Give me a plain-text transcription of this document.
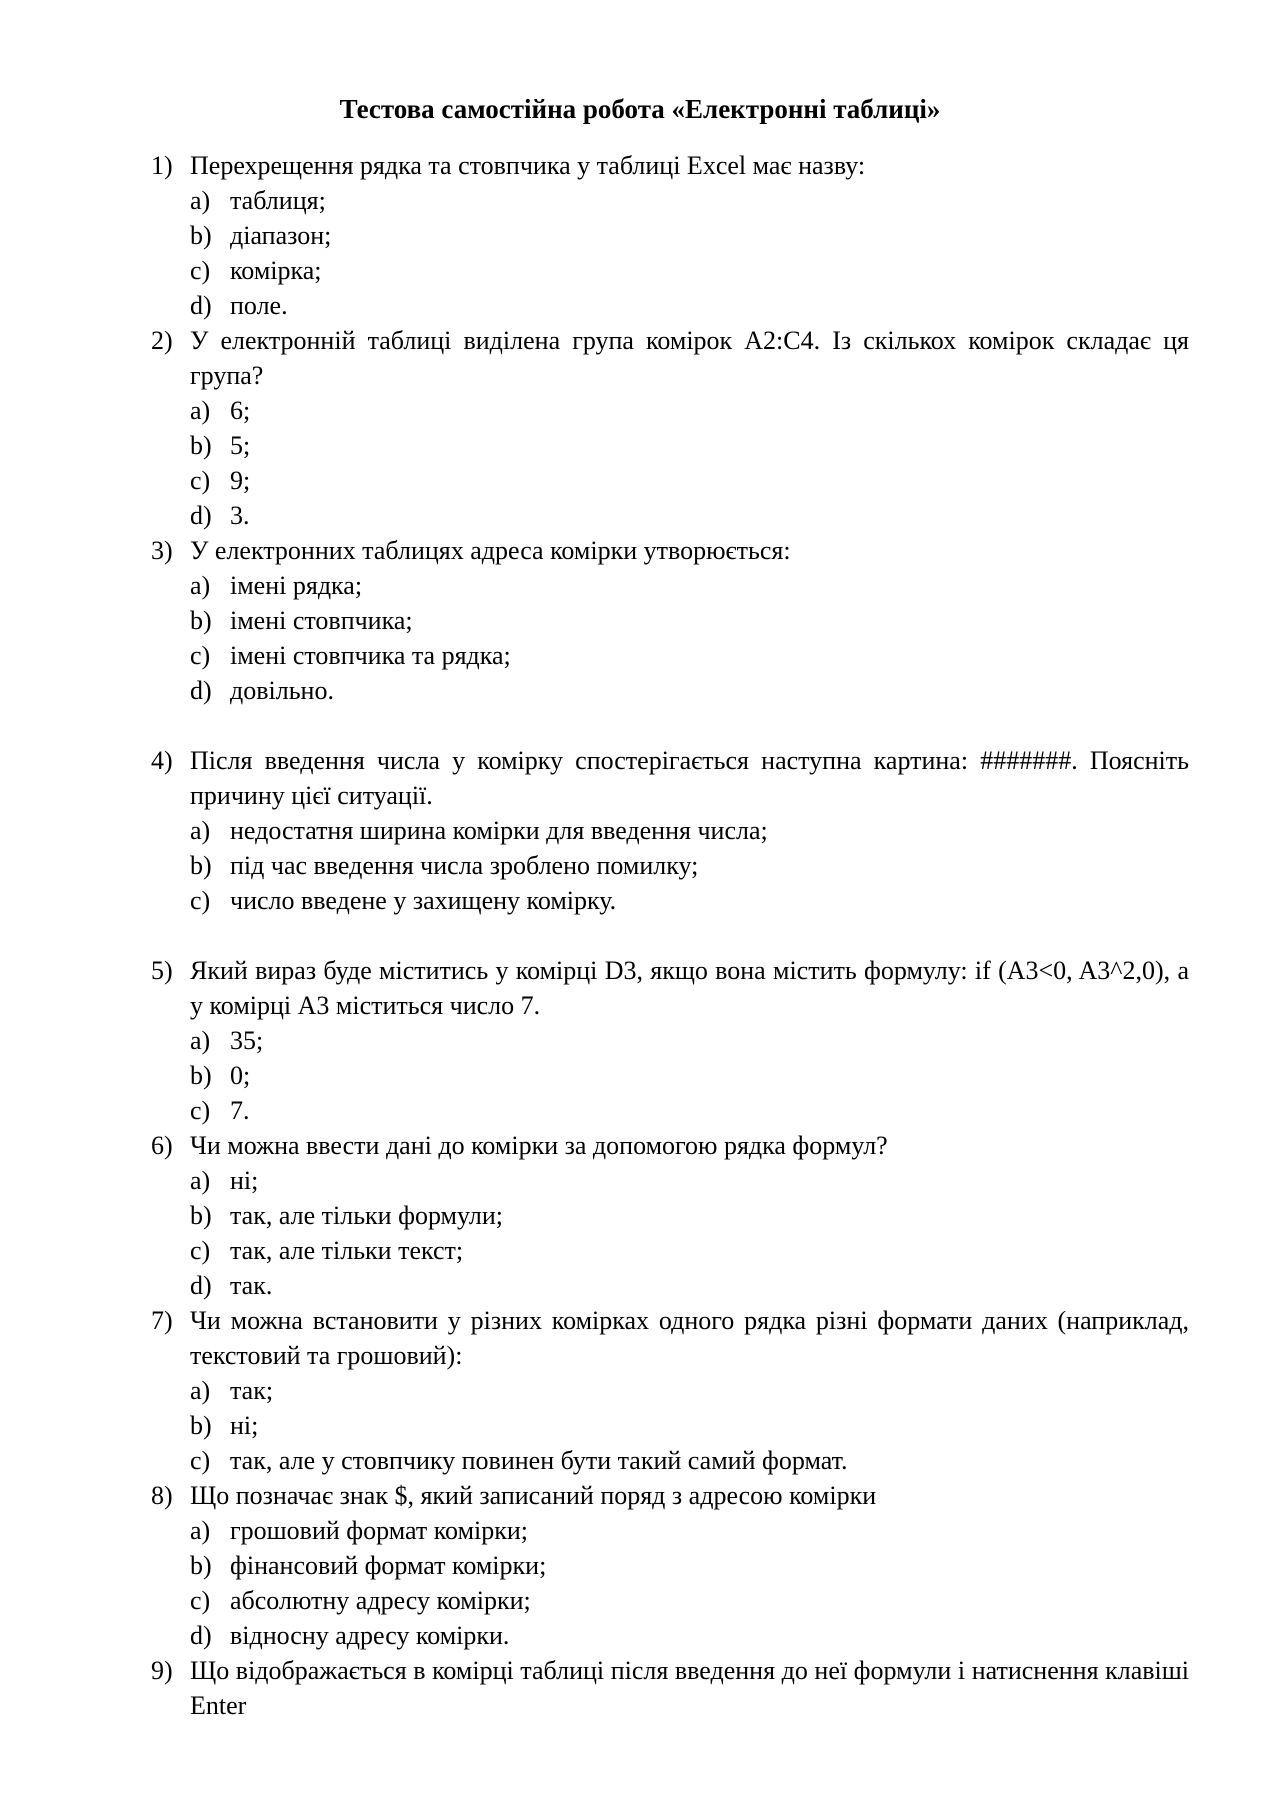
Тестова самостійна робота «Електронні таблиці»
1) Перехрещення рядка та стовпчика у таблиці Excel має назву:
a) таблиця;
b) діапазон;
c) комірка;
d) поле.
2) У електронній таблиці виділена група комірок А2:С4. Із скількох комірок складає ця група?
a) 6;
b) 5;
c) 9;
d) 3.
3) У електронних таблицях адреса комірки утворюється:
a) імені рядка;
b) імені стовпчика;
c) імені стовпчика та рядка;
d) довільно.
4) Після введення числа у комірку спостерігається наступна картина: #######. Поясніть причину цієї ситуації.
a) недостатня ширина комірки для введення числа;
b) під час введення числа зроблено помилку;
c) число введене у захищену комірку.
5) Який вираз буде міститись у комірці D3, якщо вона містить формулу: if (A3<0, A3^2,0), а у комірці А3 міститься число 7.
a) 35;
b) 0;
c) 7.
6) Чи можна ввести дані до комірки за допомогою рядка формул?
a) ні;
b) так, але тільки формули;
c) так, але тільки текст;
d) так.
7) Чи можна встановити у різних комірках одного рядка різні формати даних (наприклад, текстовий та грошовий):
a) так;
b) ні;
c) так, але у стовпчику повинен бути такий самий формат.
8) Що позначає знак $, який записаний поряд з адресою комірки
a) грошовий формат комірки;
b) фінансовий формат комірки;
c) абсолютну адресу комірки;
d) відносну адресу комірки.
9) Що відображається в комірці таблиці після введення до неї формули і натиснення клавіші Enter
